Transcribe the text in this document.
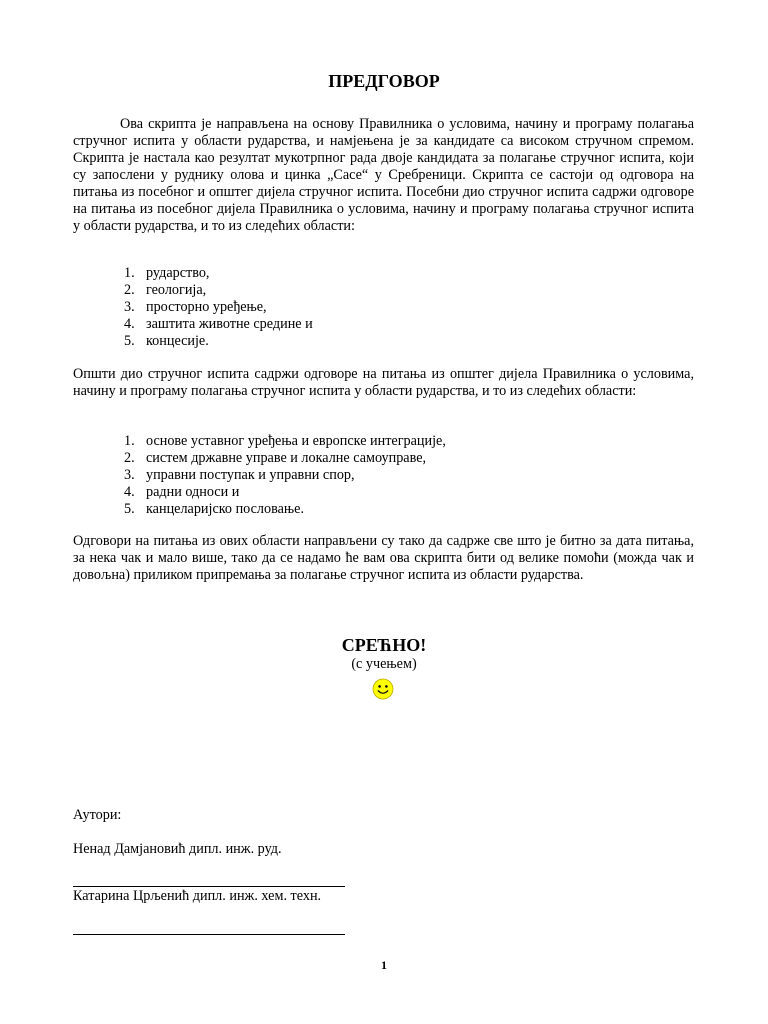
ПРЕДГОВОР

Ова скрипта је направљена на основу Правилника о условима, начину и програму полагања стручног испита у области рударства, и намјењена је за кандидате са високом стручном спремом. Скрипта је настала као резултат мукотрпног рада двоје кандидата за полагање стручног испита, који су запослени у руднику олова и цинка „Сасе“ у Сребреници. Скрипта се састоји од одговора на питања из посебног и општег дијела стручног испита. Посебни дио стручног испита садржи одговоре на питања из посебног дијела Правилника о условима, начину и програму полагања стручног испита у области рударства, и то из следећих области:

1. рударство,
2. геологија,
3. просторно уређење,
4. заштита животне средине и
5. концесије.

Општи дио стручног испита садржи одговоре на питања из општег дијела Правилника о условима, начину и програму полагања стручног испита у области рударства, и то из следећих области:

1. основе уставног уређења и европске интеграције,
2. систем државне управе и локалне самоуправе,
3. управни поступак и управни спор,
4. радни односи и
5. канцеларијско пословање.

Одговори на питања из ових области направљени су тако да садрже све што је битно за дата питања, за нека чак и мало више, тако да се надамо ће вам ова скрипта бити од велике помоћи (можда чак и довољна) приликом припремања за полагање стручног испита из области рударства.

СРЕЋНО!
(с учењем)
Аутори:
Ненад Дамјановић дипл. инж. руд.
Катарина Црљенић дипл. инж. хем. техн.
1
